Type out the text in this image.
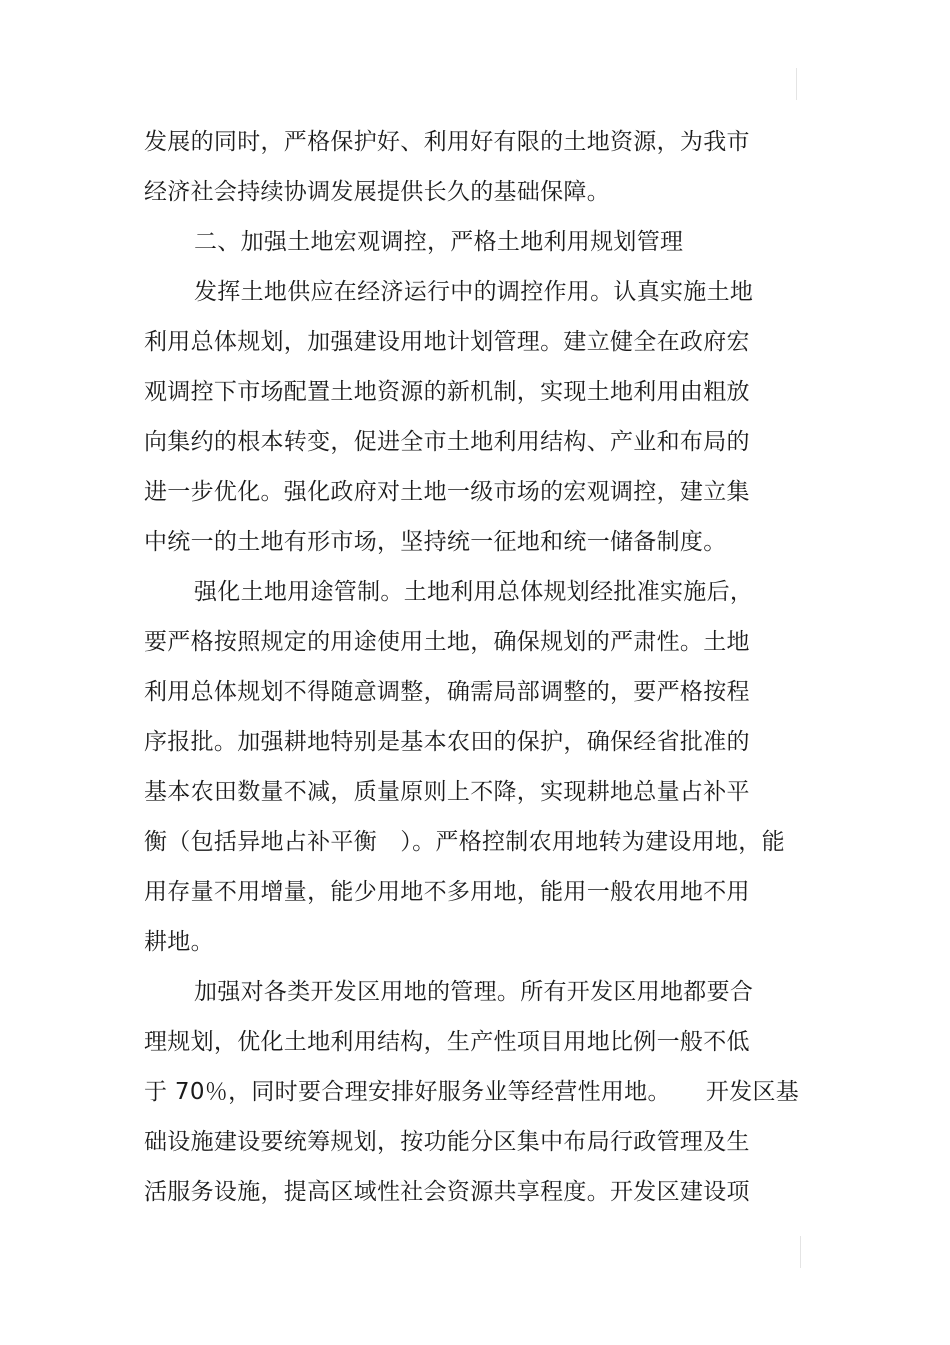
发展的同时，严格保护好、利用好有限的土地资源，为我市
经济社会持续协调发展提供长久的基础保障。
二、加强土地宏观调控，严格土地利用规划管理
发挥土地供应在经济运行中的调控作用。认真实施土地
利用总体规划，加强建设用地计划管理。建立健全在政府宏
观调控下市场配置土地资源的新机制，实现土地利用由粗放
向集约的根本转变，促进全市土地利用结构、产业和布局的
进一步优化。强化政府对土地一级市场的宏观调控，建立集
中统一的土地有形市场，坚持统一征地和统一储备制度。
强化土地用途管制。土地利用总体规划经批准实施后，
要严格按照规定的用途使用土地，确保规划的严肃性。土地
利用总体规划不得随意调整，确需局部调整的，要严格按程
序报批。加强耕地特别是基本农田的保护，确保经省批准的
基本农田数量不减，质量原则上不降，实现耕地总量占补平
衡（包括异地占补平衡　）。严格控制农用地转为建设用地，能
用存量不用增量，能少用地不多用地，能用一般农用地不用
耕地。
加强对各类开发区用地的管理。所有开发区用地都要合
理规划，优化土地利用结构，生产性项目用地比例一般不低
于 70％，同时要合理安排好服务业等经营性用地。　　开发区基
础设施建设要统筹规划，按功能分区集中布局行政管理及生
活服务设施，提高区域性社会资源共享程度。开发区建设项
